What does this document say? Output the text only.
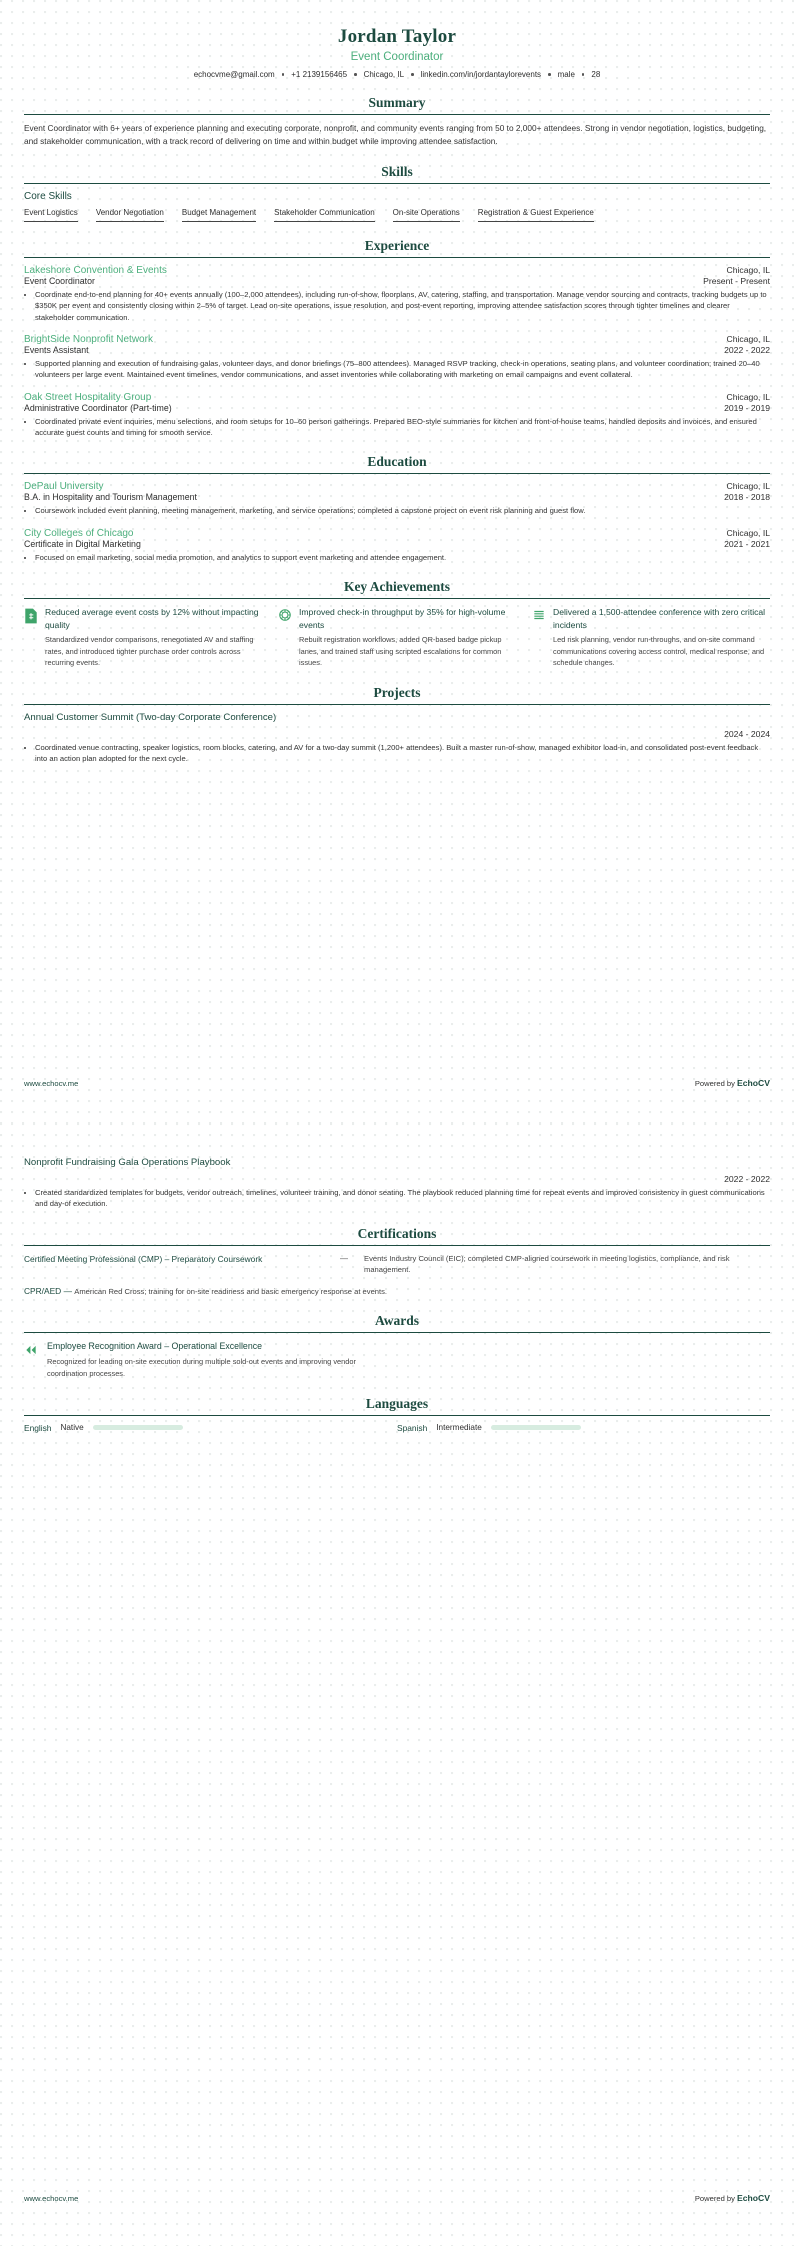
Jordan Taylor
Event Coordinator
echocvme@gmail.com +1 2139156465 Chicago, IL linkedin.com/in/jordantaylorevents male 28
Summary
Event Coordinator with 6+ years of experience planning and executing corporate, nonprofit, and community events ranging from 50 to 2,000+ attendees. Strong in vendor negotiation, logistics, budgeting, and stakeholder communication, with a track record of delivering on time and within budget while improving attendee satisfaction.
Skills
Core Skills
Event Logistics Vendor Negotiation Budget Management Stakeholder Communication On-site Operations Registration & Guest Experience
Experience
Lakeshore Convention & Events	Chicago, IL
Event Coordinator	Present - Present
• Coordinate end-to-end planning for 40+ events annually (100–2,000 attendees), including run-of-show, floorplans, AV, catering, staffing, and transportation. Manage vendor sourcing and contracts, tracking budgets up to $350K per event and consistently closing within 2–5% of target. Lead on-site operations, issue resolution, and post-event reporting, improving attendee satisfaction scores through tighter timelines and clearer stakeholder communication.
BrightSide Nonprofit Network	Chicago, IL
Events Assistant	2022 - 2022
• Supported planning and execution of fundraising galas, volunteer days, and donor briefings (75–800 attendees). Managed RSVP tracking, check-in operations, seating plans, and volunteer coordination; trained 20–40 volunteers per large event. Maintained event timelines, vendor communications, and asset inventories while collaborating with marketing on email campaigns and event collateral.
Oak Street Hospitality Group	Chicago, IL
Administrative Coordinator (Part-time)	2019 - 2019
• Coordinated private event inquiries, menu selections, and room setups for 10–60 person gatherings. Prepared BEO-style summaries for kitchen and front-of-house teams, handled deposits and invoices, and ensured accurate guest counts and timing for smooth service.
Education
DePaul University	Chicago, IL
B.A. in Hospitality and Tourism Management	2018 - 2018
• Coursework included event planning, meeting management, marketing, and service operations; completed a capstone project on event risk planning and guest flow.
City Colleges of Chicago	Chicago, IL
Certificate in Digital Marketing	2021 - 2021
• Focused on email marketing, social media promotion, and analytics to support event marketing and attendee engagement.
Key Achievements
Reduced average event costs by 12% without impacting quality
Standardized vendor comparisons, renegotiated AV and staffing rates, and introduced tighter purchase order controls across recurring events.
Improved check-in throughput by 35% for high-volume events
Rebuilt registration workflows, added QR-based badge pickup lanes, and trained staff using scripted escalations for common issues.
Delivered a 1,500-attendee conference with zero critical incidents
Led risk planning, vendor run-throughs, and on-site command communications covering access control, medical response, and schedule changes.
Projects
Annual Customer Summit (Two-day Corporate Conference)
2024 - 2024
• Coordinated venue contracting, speaker logistics, room blocks, catering, and AV for a two-day summit (1,200+ attendees). Built a master run-of-show, managed exhibitor load-in, and consolidated post-event feedback into an action plan adopted for the next cycle.
www.echocv.me	Powered by EchoCV
Nonprofit Fundraising Gala Operations Playbook
2022 - 2022
• Created standardized templates for budgets, vendor outreach, timelines, volunteer training, and donor seating. The playbook reduced planning time for repeat events and improved consistency in guest communications and day-of execution.
Certifications
Certified Meeting Professional (CMP) – Preparatory Coursework	— Events Industry Council (EIC); completed CMP-aligned coursework in meeting logistics, compliance, and risk management.
CPR/AED — American Red Cross; training for on-site readiness and basic emergency response at events.
Awards
Employee Recognition Award – Operational Excellence
Recognized for leading on-site execution during multiple sold-out events and improving vendor coordination processes.
Languages
English Native	Spanish Intermediate
www.echocv.me	Powered by EchoCV
